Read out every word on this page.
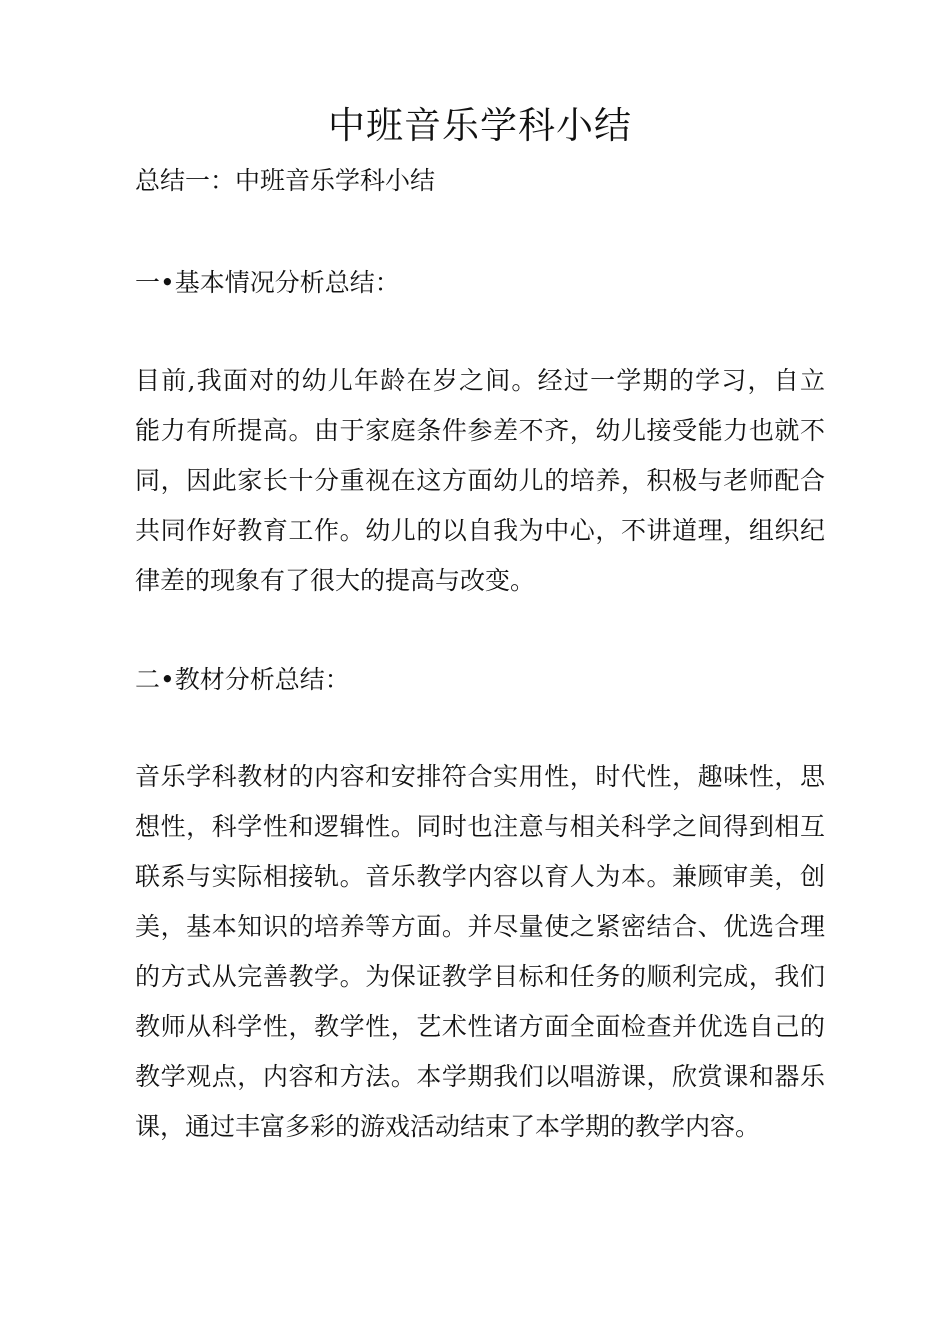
中班音乐学科小结
总结一：中班音乐学科小结
一•基本情况分析总结：
目前,我面对的幼儿年龄在岁之间。经过一学期的学习，自立
能力有所提高。由于家庭条件参差不齐，幼儿接受能力也就不
同，因此家长十分重视在这方面幼儿的培养，积极与老师配合
共同作好教育工作。幼儿的以自我为中心，不讲道理，组织纪
律差的现象有了很大的提高与改变。
二•教材分析总结：
音乐学科教材的内容和安排符合实用性，时代性，趣味性，思
想性，科学性和逻辑性。同时也注意与相关科学之间得到相互
联系与实际相接轨。音乐教学内容以育人为本。兼顾审美，创
美，基本知识的培养等方面。并尽量使之紧密结合、优选合理
的方式从完善教学。为保证教学目标和任务的顺利完成，我们
教师从科学性，教学性，艺术性诸方面全面检查并优选自己的
教学观点，内容和方法。本学期我们以唱游课，欣赏课和器乐
课，通过丰富多彩的游戏活动结束了本学期的教学内容。
